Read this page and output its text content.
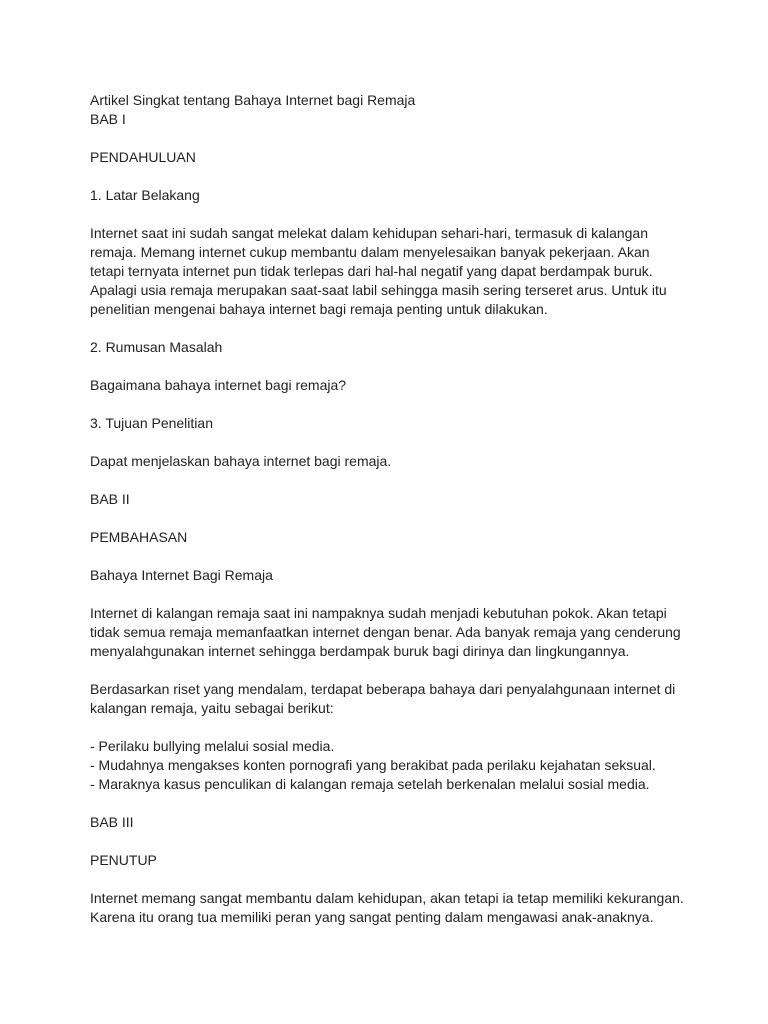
Artikel Singkat tentang Bahaya Internet bagi Remaja
BAB I
PENDAHULUAN
1. Latar Belakang
Internet saat ini sudah sangat melekat dalam kehidupan sehari-hari, termasuk di kalangan
remaja. Memang internet cukup membantu dalam menyelesaikan banyak pekerjaan. Akan
tetapi ternyata internet pun tidak terlepas dari hal-hal negatif yang dapat berdampak buruk.
Apalagi usia remaja merupakan saat-saat labil sehingga masih sering terseret arus. Untuk itu
penelitian mengenai bahaya internet bagi remaja penting untuk dilakukan.
2. Rumusan Masalah
Bagaimana bahaya internet bagi remaja?
3. Tujuan Penelitian
Dapat menjelaskan bahaya internet bagi remaja.
BAB II
PEMBAHASAN
Bahaya Internet Bagi Remaja
Internet di kalangan remaja saat ini nampaknya sudah menjadi kebutuhan pokok. Akan tetapi
tidak semua remaja memanfaatkan internet dengan benar. Ada banyak remaja yang cenderung
menyalahgunakan internet sehingga berdampak buruk bagi dirinya dan lingkungannya.
Berdasarkan riset yang mendalam, terdapat beberapa bahaya dari penyalahgunaan internet di
kalangan remaja, yaitu sebagai berikut:
- Perilaku bullying melalui sosial media.
- Mudahnya mengakses konten pornografi yang berakibat pada perilaku kejahatan seksual.
- Maraknya kasus penculikan di kalangan remaja setelah berkenalan melalui sosial media.
BAB III
PENUTUP
Internet memang sangat membantu dalam kehidupan, akan tetapi ia tetap memiliki kekurangan.
Karena itu orang tua memiliki peran yang sangat penting dalam mengawasi anak-anaknya.
